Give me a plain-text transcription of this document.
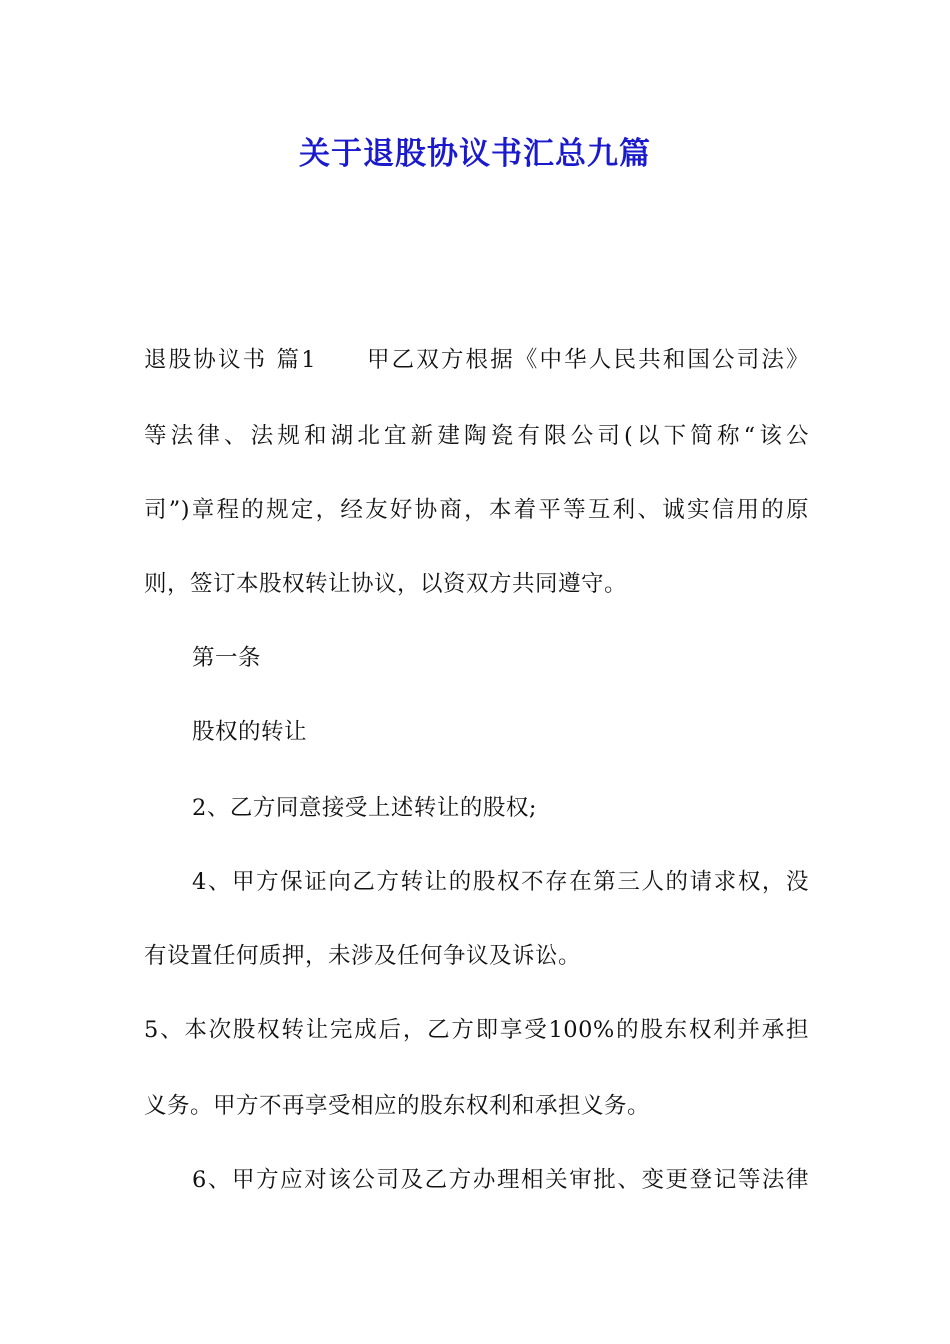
关于退股协议书汇总九篇

退股协议书 篇1　　甲乙双方根据《中华人民共和国公司法》

等法律、法规和湖北宜新建陶瓷有限公司(以下简称“该公

司”)章程的规定，经友好协商，本着平等互利、诚实信用的原

则，签订本股权转让协议，以资双方共同遵守。

第一条

股权的转让

2、乙方同意接受上述转让的股权;

4、甲方保证向乙方转让的股权不存在第三人的请求权，没

有设置任何质押，未涉及任何争议及诉讼。

5、本次股权转让完成后，乙方即享受100%的股东权利并承担

义务。甲方不再享受相应的股东权利和承担义务。

6、甲方应对该公司及乙方办理相关审批、变更登记等法律
